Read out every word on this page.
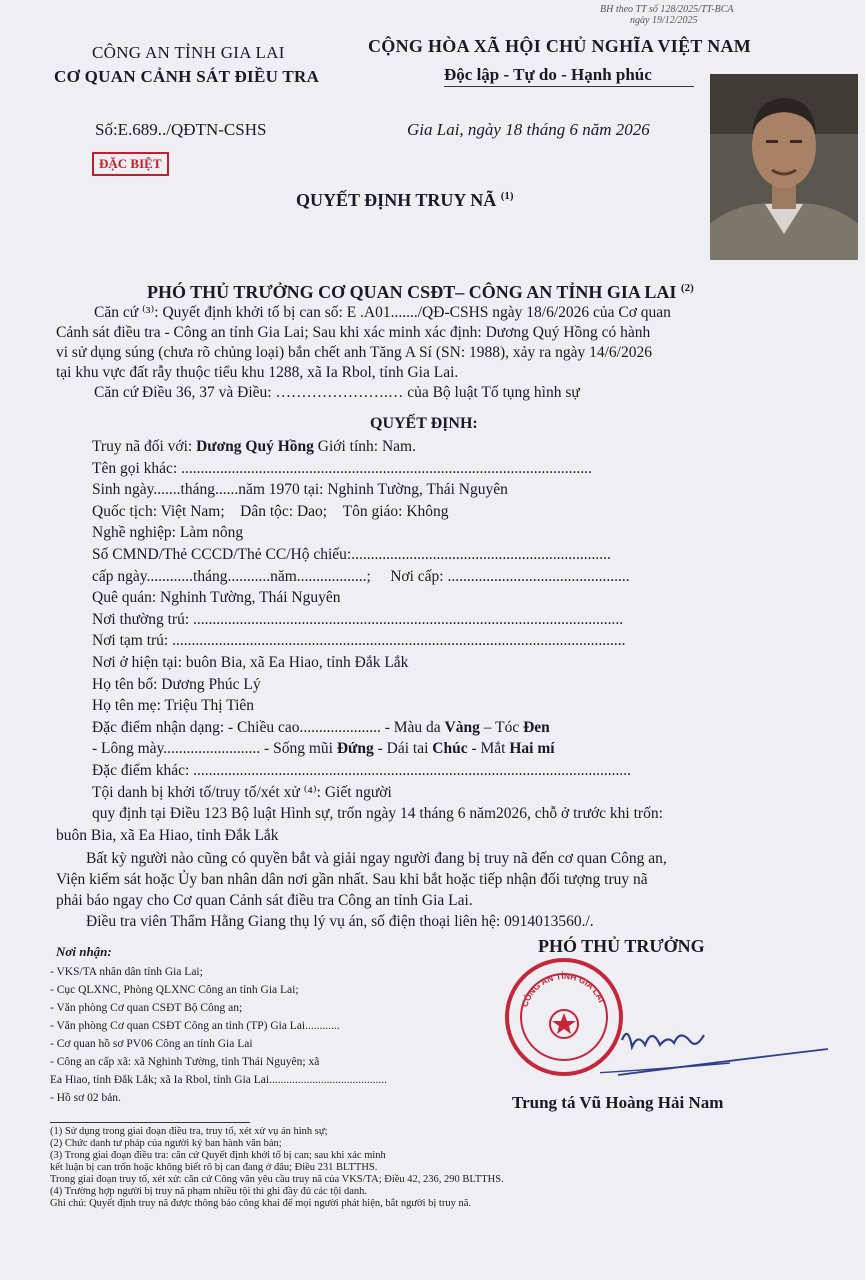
BH theo TT số 128/2025/TT-BCA
ngày 19/12/2025
CÔNG AN TỈNH GIA LAI
CƠ QUAN CẢNH SÁT ĐIỀU TRA
CỘNG HÒA XÃ HỘI CHỦ NGHĨA VIỆT NAM
Độc lập - Tự do - Hạnh phúc
Số:E.689../QĐTN-CSHS	Gia Lai, ngày 18 tháng 6 năm 2026
ĐẶC BIỆT
QUYẾT ĐỊNH TRUY NÃ $^{(1)}$
PHÓ THỦ TRƯỞNG CƠ QUAN CSĐT– CÔNG AN TỈNH GIA LAI $^{(2)}$
Căn cứ ⁽³⁾: Quyết định khởi tố bị can số: E .A01......./QĐ-CSHS ngày 18/6/2026 của Cơ quan
Cảnh sát điều tra - Công an tỉnh Gia Lai; Sau khi xác minh xác định: Dương Quý Hồng có hành
vi sử dụng súng (chưa rõ chủng loại) bắn chết anh Tăng A Sí (SN: 1988), xảy ra ngày 14/6/2026
tại khu vực đất rẫy thuộc tiểu khu 1288, xã Ia Rbol, tỉnh Gia Lai.
Căn cứ Điều 36, 37 và Điều: ………………….… của Bộ luật Tố tụng hình sự
QUYẾT ĐỊNH:
Truy nã đối với: Dương Quý Hồng Giới tính: Nam.
Tên gọi khác: ..........................................................................................................
Sinh ngày.......tháng......năm 1970 tại: Nghinh Tường, Thái Nguyên
Quốc tịch: Việt Nam; Dân tộc: Dao; Tôn giáo: Không
Nghề nghiệp: Làm nông
Số CMND/Thẻ CCCD/Thẻ CC/Hộ chiếu:...................................................................
cấp ngày............tháng...........năm..................; Nơi cấp: ...............................................
Quê quán: Nghinh Tường, Thái Nguyên
Nơi thường trú: ...............................................................................................................
Nơi tạm trú: .....................................................................................................................
Nơi ở hiện tại: buôn Bia, xã Ea Hiao, tỉnh Đắk Lắk
Họ tên bố: Dương Phúc Lý
Họ tên mẹ: Triệu Thị Tiên
Đặc điểm nhận dạng: - Chiều cao..................... - Màu da Vàng – Tóc Đen
- Lông mày......................... - Sống mũi Đứng - Dái tai Chúc - Mắt Hai mí
Đặc điểm khác: .................................................................................................................
Tội danh bị khởi tố/truy tố/xét xử ⁽⁴⁾: Giết người
quy định tại Điều 123 Bộ luật Hình sự, trốn ngày 14 tháng 6 năm2026, chỗ ở trước khi trốn:
buôn Bia, xã Ea Hiao, tỉnh Đắk Lắk
Bất kỳ người nào cũng có quyền bắt và giải ngay người đang bị truy nã đến cơ quan Công an,
Viện kiểm sát hoặc Ủy ban nhân dân nơi gần nhất. Sau khi bắt hoặc tiếp nhận đối tượng truy nã
phải báo ngay cho Cơ quan Cảnh sát điều tra Công an tỉnh Gia Lai.
Điều tra viên Thẩm Hằng Giang thụ lý vụ án, số điện thoại liên hệ: 0914013560./.
Nơi nhận:
- VKS/TA nhân dân tỉnh Gia Lai;
- Cục QLXNC, Phòng QLXNC Công an tỉnh Gia Lai;
- Văn phòng Cơ quan CSĐT Bộ Công an;
- Văn phòng Cơ quan CSĐT Công an tỉnh (TP) Gia Lai............
- Cơ quan hồ sơ PV06 Công an tỉnh Gia Lai
- Công an cấp xã: xã Nghinh Tường, tỉnh Thái Nguyên; xã
Ea Hiao, tỉnh Đắk Lắk; xã Ia Rbol, tỉnh Gia Lai.........................................
- Hồ sơ 02 bản.
PHÓ THỦ TRƯỞNG
CÔNG AN TỈNH GIA LAI
Trung tá Vũ Hoàng Hải Nam
(1) Sử dụng trong giai đoạn điều tra, truy tố, xét xử vụ án hình sự;
(2) Chức danh tư pháp của người ký ban hành văn bản;
(3) Trong giai đoạn điều tra: căn cứ Quyết định khởi tố bị can; sau khi xác minh
kết luận bị can trốn hoặc không biết rõ bị can đang ở đâu; Điều 231 BLTTHS.
Trong giai đoạn truy tố, xét xử: căn cứ Công văn yêu cầu truy nã của VKS/TA; Điều 42, 236, 290 BLTTHS.
(4) Trường hợp người bị truy nã phạm nhiều tội thì ghi đầy đủ các tội danh.
Ghi chú: Quyết định truy nã được thông báo công khai để mọi người phát hiện, bắt người bị truy nã.
